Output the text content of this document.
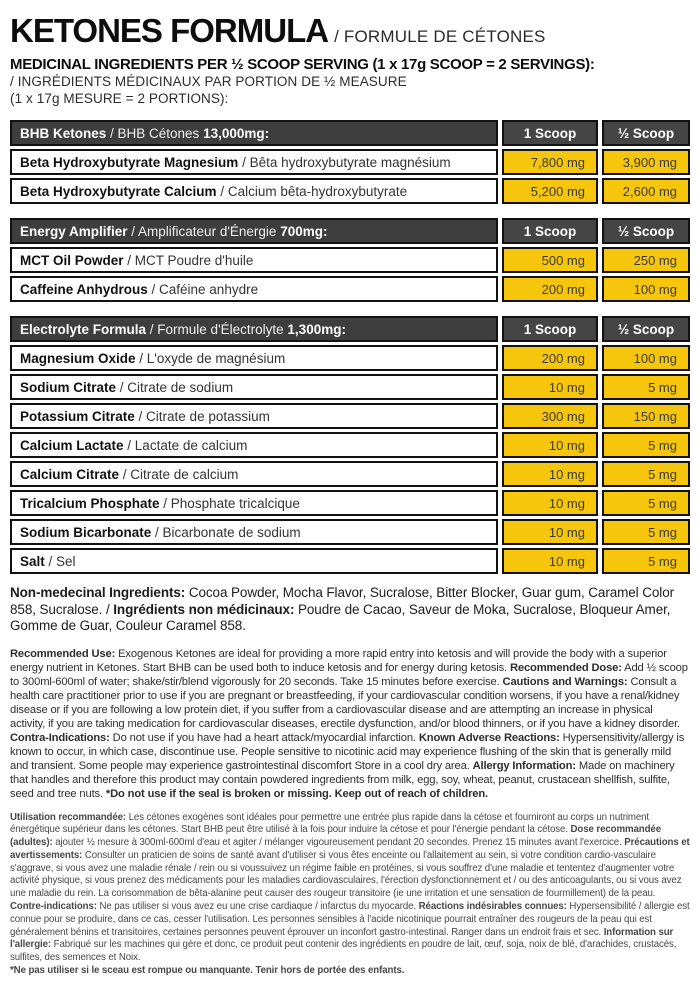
KETONES FORMULA / FORMULE DE CÉTONES
MEDICINAL INGREDIENTS PER ½ SCOOP SERVING (1 x 17g SCOOP = 2 SERVINGS):
/ INGRÉDIENTS MÉDICINAUX PAR PORTION DE ½ MEASURE
(1 x 17g MESURE = 2 PORTIONS):
BHB Ketones / BHB Cétones 13,000mg:	1 Scoop	½ Scoop
Beta Hydroxybutyrate Magnesium / Bêta hydroxybutyrate magnésium	7,800 mg	3,900 mg
Beta Hydroxybutyrate Calcium / Calcium bêta-hydroxybutyrate	5,200 mg	2,600 mg
Energy Amplifier / Amplificateur d'Énergie 700mg:	1 Scoop	½ Scoop
MCT Oil Powder / MCT Poudre d'huile	500 mg	250 mg
Caffeine Anhydrous / Caféine anhydre	200 mg	100 mg
Electrolyte Formula / Formule d'Électrolyte 1,300mg:	1 Scoop	½ Scoop
Magnesium Oxide / L'oxyde de magnésium	200 mg	100 mg
Sodium Citrate / Citrate de sodium	10 mg	5 mg
Potassium Citrate / Citrate de potassium	300 mg	150 mg
Calcium Lactate / Lactate de calcium	10 mg	5 mg
Calcium Citrate / Citrate de calcium	10 mg	5 mg
Tricalcium Phosphate / Phosphate tricalcique	10 mg	5 mg
Sodium Bicarbonate / Bicarbonate de sodium	10 mg	5 mg
Salt / Sel	10 mg	5 mg

Non-medecinal Ingredients: Cocoa Powder, Mocha Flavor, Sucralose, Bitter Blocker, Guar gum, Caramel Color 858, Sucralose. / Ingrédients non médicinaux: Poudre de Cacao, Saveur de Moka, Sucralose, Bloqueur Amer, Gomme de Guar, Couleur Caramel 858.

Recommended Use: Exogenous Ketones are ideal for providing a more rapid entry into ketosis and will provide the body with a superior energy nutrient in Ketones. Start BHB can be used both to induce ketosis and for energy during ketosis. Recommended Dose: Add ½ scoop to 300ml-600ml of water; shake/stir/blend vigorously for 20 seconds. Take 15 minutes before exercise. Cautions and Warnings: Consult a health care practitioner prior to use if you are pregnant or breastfeeding, if your cardiovascular condition worsens, if you have a renal/kidney disease or if you are following a low protein diet, if you suffer from a cardiovascular disease and are attempting an increase in physical activity, if you are taking medication for cardiovascular diseases, erectile dysfunction, and/or blood thinners, or if you have a kidney disorder. Contra-Indications: Do not use if you have had a heart attack/myocardial infarction. Known Adverse Reactions: Hypersensitivity/allergy is known to occur, in which case, discontinue use. People sensitive to nicotinic acid may experience flushing of the skin that is generally mild and transient. Some people may experience gastrointestinal discomfort Store in a cool dry area. Allergy Information: Made on machinery that handles and therefore this product may contain powdered ingredients from milk, egg, soy, wheat, peanut, crustacean shellfish, sulfite, seed and tree nuts. *Do not use if the seal is broken or missing. Keep out of reach of children.

Utilisation recommandée: Les cétones exogènes sont idéales pour permettre une entrée plus rapide dans la cétose et fourniront au corps un nutriment énergétique supérieur dans les cétones. Start BHB peut être utilisé à la fois pour induire la cétose et pour l'énergie pendant la cétose. Dose recommandée (adultes): ajouter ½ mesure à 300ml-600ml d'eau et agiter / mélanger vigoureusement pendant 20 secondes. Prenez 15 minutes avant l'exercice. Précautions et avertissements: Consulter un praticien de soins de santé avant d'utiliser si vous êtes enceinte ou l'allaitement au sein, si votre condition cardio-vasculaire s'aggrave, si vous avez une maladie rénale / rein ou si voussuivez un régime faible en protéines, si vous souffrez d'une maladie et tententez d'augmenter votre activité physique, si vous prenez des médicaments pour les maladies cardiovasculaires, l'érection dysfonctionnement et / ou des anticoagulants, ou si vous avez une maladie du rein. La consommation de bêta-alanine peut causer des rougeur transitoire (ie une irritation et une sensation de fourmillement) de la peau. Contre-indications: Ne pas utiliser si vous avez eu une crise cardiaque / infarctus du myocarde. Réactions indésirables connues: Hypersensibilité / allergie est connue pour se produire, dans ce cas, cesser l'utilisation. Les personnes sensibles à l'acide nicotinique pourrait entraîner des rougeurs de la peau qui est généralement bénins et transitoires, certaines personnes peuvent éprouver un inconfort gastro-intestinal. Ranger dans un endroit frais et sec. Information sur l'allergie: Fabriqué sur les machines qui gère et donc, ce produit peut contenir des ingrédients en poudre de lait, œuf, soja, noix de blé, d'arachides, crustacés, sulfites, des semences et Noix.
*Ne pas utiliser si le sceau est rompue ou manquante. Tenir hors de portée des enfants.
